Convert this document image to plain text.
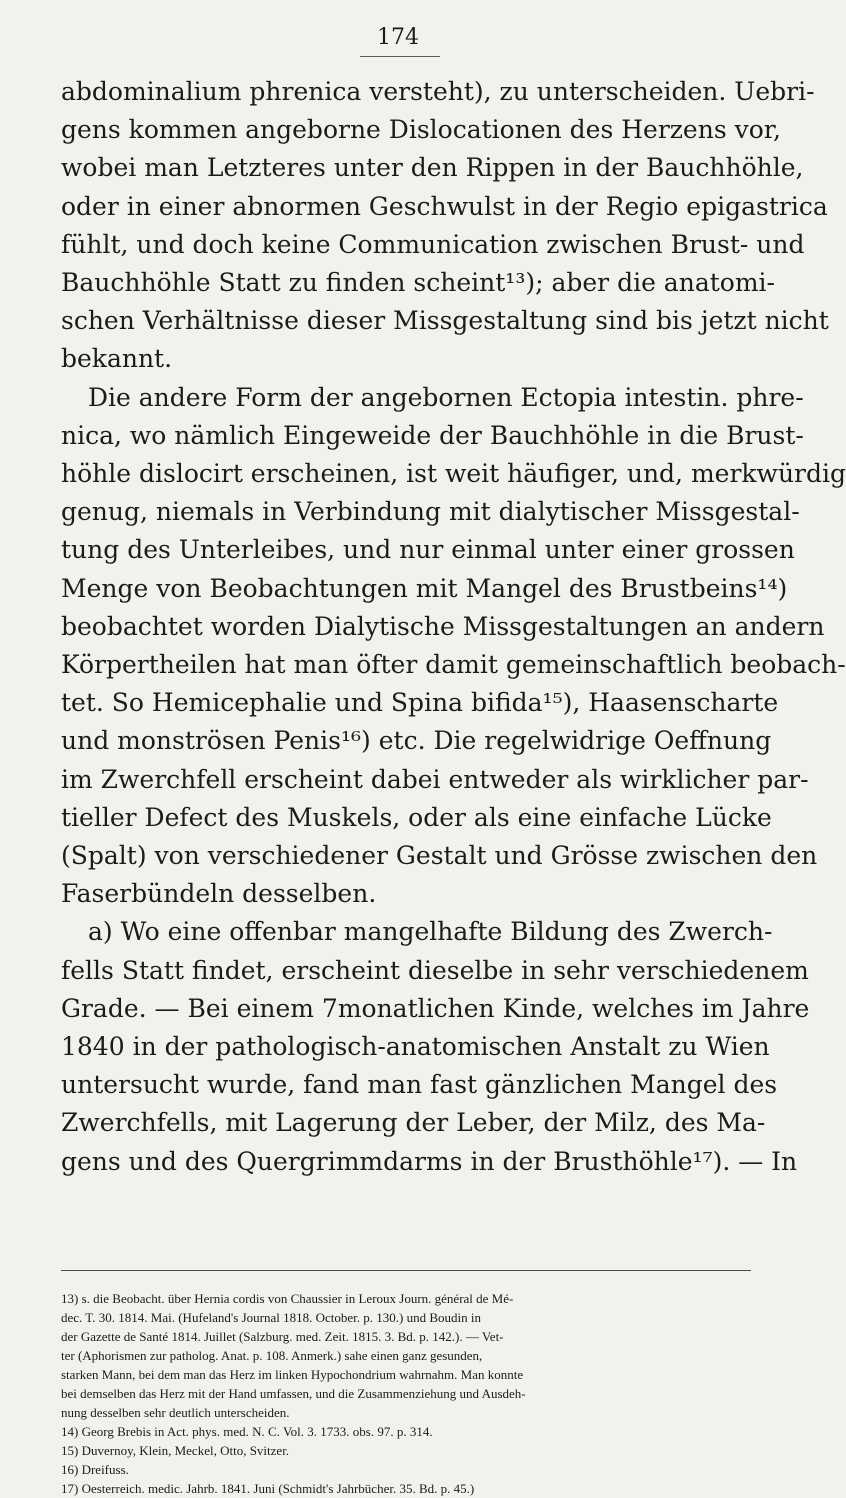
174
abdominalium phrenica versteht), zu unterscheiden. Uebri-
gens kommen angeborne Dislocationen des Herzens vor,
wobei man Letzteres unter den Rippen in der Bauchhöhle,
oder in einer abnormen Geschwulst in der Regio epigastrica
fühlt, und doch keine Communication zwischen Brust- und
Bauchhöhle Statt zu finden scheint¹³); aber die anatomi-
schen Verhältnisse dieser Missgestaltung sind bis jetzt nicht
bekannt.
Die andere Form der angebornen Ectopia intestin. phre-
nica, wo nämlich Eingeweide der Bauchhöhle in die Brust-
höhle dislocirt erscheinen, ist weit häufiger, und, merkwürdig
genug, niemals in Verbindung mit dialytischer Missgestal-
tung des Unterleibes, und nur einmal unter einer grossen
Menge von Beobachtungen mit Mangel des Brustbeins¹⁴)
beobachtet worden Dialytische Missgestaltungen an andern
Körpertheilen hat man öfter damit gemeinschaftlich beobach-
tet. So Hemicephalie und Spina bifida¹⁵), Haasenscharte
und monströsen Penis¹⁶) etc. Die regelwidrige Oeffnung
im Zwerchfell erscheint dabei entweder als wirklicher par-
tieller Defect des Muskels, oder als eine einfache Lücke
(Spalt) von verschiedener Gestalt und Grösse zwischen den
Faserbündeln desselben.
a) Wo eine offenbar mangelhafte Bildung des Zwerch-
fells Statt findet, erscheint dieselbe in sehr verschiedenem
Grade. — Bei einem 7monatlichen Kinde, welches im Jahre
1840 in der pathologisch-anatomischen Anstalt zu Wien
untersucht wurde, fand man fast gänzlichen Mangel des
Zwerchfells, mit Lagerung der Leber, der Milz, des Ma-
gens und des Quergrimmdarms in der Brusthöhle¹⁷). — In
13) s. die Beobacht. über Hernia cordis von Chaussier in Leroux Journ. général de Mé-
dec. T. 30. 1814. Mai. (Hufeland's Journal 1818. October. p. 130.) und Boudin in
der Gazette de Santé 1814. Juillet (Salzburg. med. Zeit. 1815. 3. Bd. p. 142.). — Vet-
ter (Aphorismen zur patholog. Anat. p. 108. Anmerk.) sahe einen ganz gesunden,
starken Mann, bei dem man das Herz im linken Hypochondrium wahrnahm. Man konnte
bei demselben das Herz mit der Hand umfassen, und die Zusammenziehung und Ausdeh-
nung desselben sehr deutlich unterscheiden.
14) Georg Brebis in Act. phys. med. N. C. Vol. 3. 1733. obs. 97. p. 314.
15) Duvernoy, Klein, Meckel, Otto, Svitzer.
16) Dreifuss.
17) Oesterreich. medic. Jahrb. 1841. Juni (Schmidt's Jahrbücher. 35. Bd. p. 45.)
